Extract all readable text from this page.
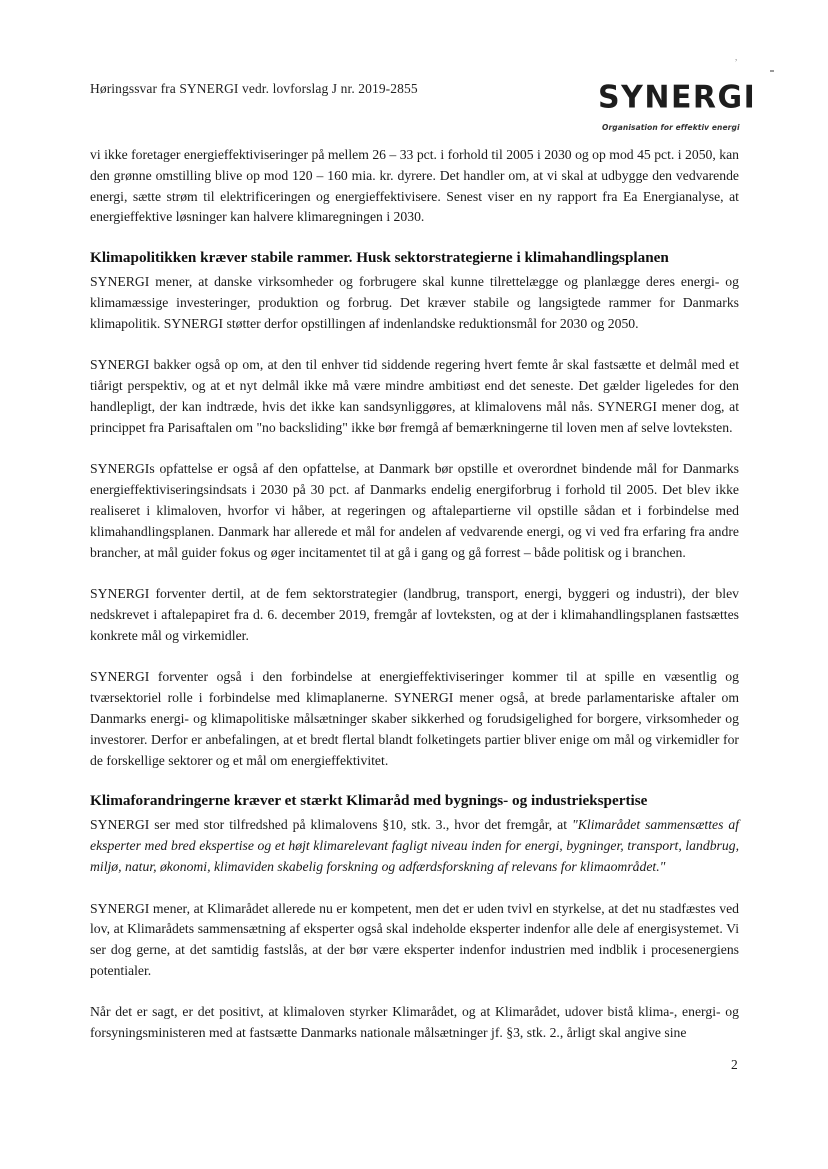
Høringssvar fra SYNERGI vedr. lovforslag J nr. 2019-2855
,
SYNERGI
Organisation for effektiv energi

vi ikke foretager energieffektiviseringer på mellem 26 – 33 pct. i forhold til 2005 i 2030 og op mod 45 pct. i 2050, kan den grønne omstilling blive op mod 120 – 160 mia. kr. dyrere. Det handler om, at vi skal at udbygge den vedvarende energi, sætte strøm til elektrificeringen og energieffektivisere. Senest viser en ny rapport fra Ea Energianalyse, at energieffektive løsninger kan halvere klimaregningen i 2030.

Klimapolitikken kræver stabile rammer. Husk sektorstrategierne i klimahandlingsplanen

SYNERGI mener, at danske virksomheder og forbrugere skal kunne tilrettelægge og planlægge deres energi- og klimamæssige investeringer, produktion og forbrug. Det kræver stabile og langsigtede rammer for Danmarks klimapolitik. SYNERGI støtter derfor opstillingen af indenlandske reduktionsmål for 2030 og 2050.

SYNERGI bakker også op om, at den til enhver tid siddende regering hvert femte år skal fastsætte et delmål med et tiårigt perspektiv, og at et nyt delmål ikke må være mindre ambitiøst end det seneste. Det gælder ligeledes for den handlepligt, der kan indtræde, hvis det ikke kan sandsynliggøres, at klimalovens mål nås. SYNERGI mener dog, at princippet fra Parisaftalen om "no backsliding" ikke bør fremgå af bemærkningerne til loven men af selve lovteksten.

SYNERGIs opfattelse er også af den opfattelse, at Danmark bør opstille et overordnet bindende mål for Danmarks energieffektiviseringsindsats i 2030 på 30 pct. af Danmarks endelig energiforbrug i forhold til 2005. Det blev ikke realiseret i klimaloven, hvorfor vi håber, at regeringen og aftalepartierne vil opstille sådan et i forbindelse med klimahandlingsplanen. Danmark har allerede et mål for andelen af vedvarende energi, og vi ved fra erfaring fra andre brancher, at mål guider fokus og øger incitamentet til at gå i gang og gå forrest – både politisk og i branchen.

SYNERGI forventer dertil, at de fem sektorstrategier (landbrug, transport, energi, byggeri og industri), der blev nedskrevet i aftalepapiret fra d. 6. december 2019, fremgår af lovteksten, og at der i klimahandlingsplanen fastsættes konkrete mål og virkemidler.

SYNERGI forventer også i den forbindelse at energieffektiviseringer kommer til at spille en væsentlig og tværsektoriel rolle i forbindelse med klimaplanerne. SYNERGI mener også, at brede parlamentariske aftaler om Danmarks energi- og klimapolitiske målsætninger skaber sikkerhed og forudsigelighed for borgere, virksomheder og investorer. Derfor er anbefalingen, at et bredt flertal blandt folketingets partier bliver enige om mål og virkemidler for de forskellige sektorer og et mål om energieffektivitet.

Klimaforandringerne kræver et stærkt Klimaråd med bygnings- og industriekspertise

SYNERGI ser med stor tilfredshed på klimalovens §10, stk. 3., hvor det fremgår, at "Klimarådet sammensættes af eksperter med bred ekspertise og et højt klimarelevant fagligt niveau inden for energi, bygninger, transport, landbrug, miljø, natur, økonomi, klimaviden skabelig forskning og adfærdsforskning af relevans for klimaområdet."

SYNERGI mener, at Klimarådet allerede nu er kompetent, men det er uden tvivl en styrkelse, at det nu stadfæstes ved lov, at Klimarådets sammensætning af eksperter også skal indeholde eksperter indenfor alle dele af energisystemet. Vi ser dog gerne, at det samtidig fastslås, at der bør være eksperter indenfor industrien med indblik i procesenergiens potentialer.

Når det er sagt, er det positivt, at klimaloven styrker Klimarådet, og at Klimarådet, udover bistå klima-, energi- og forsyningsministeren med at fastsætte Danmarks nationale målsætninger jf. §3, stk. 2., årligt skal angive sine

2
